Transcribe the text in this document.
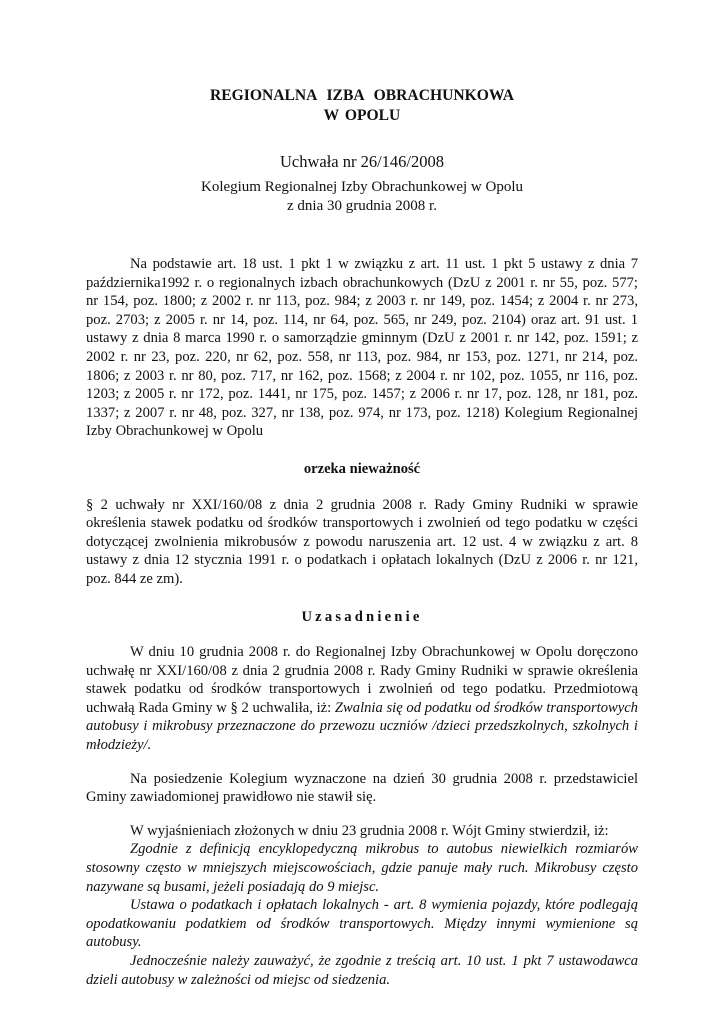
REGIONALNA IZBA OBRACHUNKOWA
W OPOLU
Uchwała nr 26/146/2008
Kolegium Regionalnej Izby Obrachunkowej w Opolu
z dnia 30 grudnia 2008 r.

Na podstawie art. 18 ust. 1 pkt 1 w związku z art. 11 ust. 1 pkt 5 ustawy z dnia 7 października1992 r. o regionalnych izbach obrachunkowych (DzU z 2001 r. nr 55, poz. 577; nr 154, poz. 1800; z 2002 r. nr 113, poz. 984; z 2003 r. nr 149, poz. 1454; z 2004 r. nr 273, poz. 2703; z 2005 r. nr 14, poz. 114, nr 64, poz. 565, nr 249, poz. 2104) oraz art. 91 ust. 1 ustawy z dnia 8 marca 1990 r. o samorządzie gminnym (DzU z 2001 r. nr 142, poz. 1591; z 2002 r. nr 23, poz. 220, nr 62, poz. 558, nr 113, poz. 984, nr 153, poz. 1271, nr 214, poz. 1806; z 2003 r. nr 80, poz. 717, nr 162, poz. 1568; z 2004 r. nr 102, poz. 1055, nr 116, poz. 1203; z 2005 r. nr 172, poz. 1441, nr 175, poz. 1457; z 2006 r. nr 17, poz. 128, nr 181, poz. 1337; z 2007 r. nr 48, poz. 327, nr 138, poz. 974, nr 173, poz. 1218) Kolegium Regionalnej Izby Obrachunkowej w Opolu

orzeka nieważność

§ 2 uchwały nr XXI/160/08 z dnia 2 grudnia 2008 r. Rady Gminy Rudniki w sprawie określenia stawek podatku od środków transportowych i zwolnień od tego podatku w części dotyczącej zwolnienia mikrobusów z powodu naruszenia art. 12 ust. 4 w związku z art. 8 ustawy z dnia 12 stycznia 1991 r. o podatkach i opłatach lokalnych (DzU z 2006 r. nr 121, poz. 844 ze zm).

Uzasadnienie

W dniu 10 grudnia 2008 r. do Regionalnej Izby Obrachunkowej w Opolu doręczono uchwałę nr XXI/160/08 z dnia 2 grudnia 2008 r. Rady Gminy Rudniki w sprawie określenia stawek podatku od środków transportowych i zwolnień od tego podatku. Przedmiotową uchwałą Rada Gminy w § 2 uchwaliła, iż: Zwalnia się od podatku od środków transportowych autobusy i mikrobusy przeznaczone do przewozu uczniów /dzieci przedszkolnych, szkolnych i młodzieży/.

Na posiedzenie Kolegium wyznaczone na dzień 30 grudnia 2008 r. przedstawiciel Gminy zawiadomionej prawidłowo nie stawił się.

W wyjaśnieniach złożonych w dniu 23 grudnia 2008 r. Wójt Gminy stwierdził, iż:

Zgodnie z definicją encyklopedyczną mikrobus to autobus niewielkich rozmiarów stosowny często w mniejszych miejscowościach, gdzie panuje mały ruch. Mikrobusy często nazywane są busami, jeżeli posiadają do 9 miejsc.

Ustawa o podatkach i opłatach lokalnych - art. 8 wymienia pojazdy, które podlegają opodatkowaniu podatkiem od środków transportowych. Między innymi wymienione są autobusy.

Jednocześnie należy zauważyć, że zgodnie z treścią art. 10 ust. 1 pkt 7 ustawodawca dzieli autobusy w zależności od miejsc od siedzenia.
